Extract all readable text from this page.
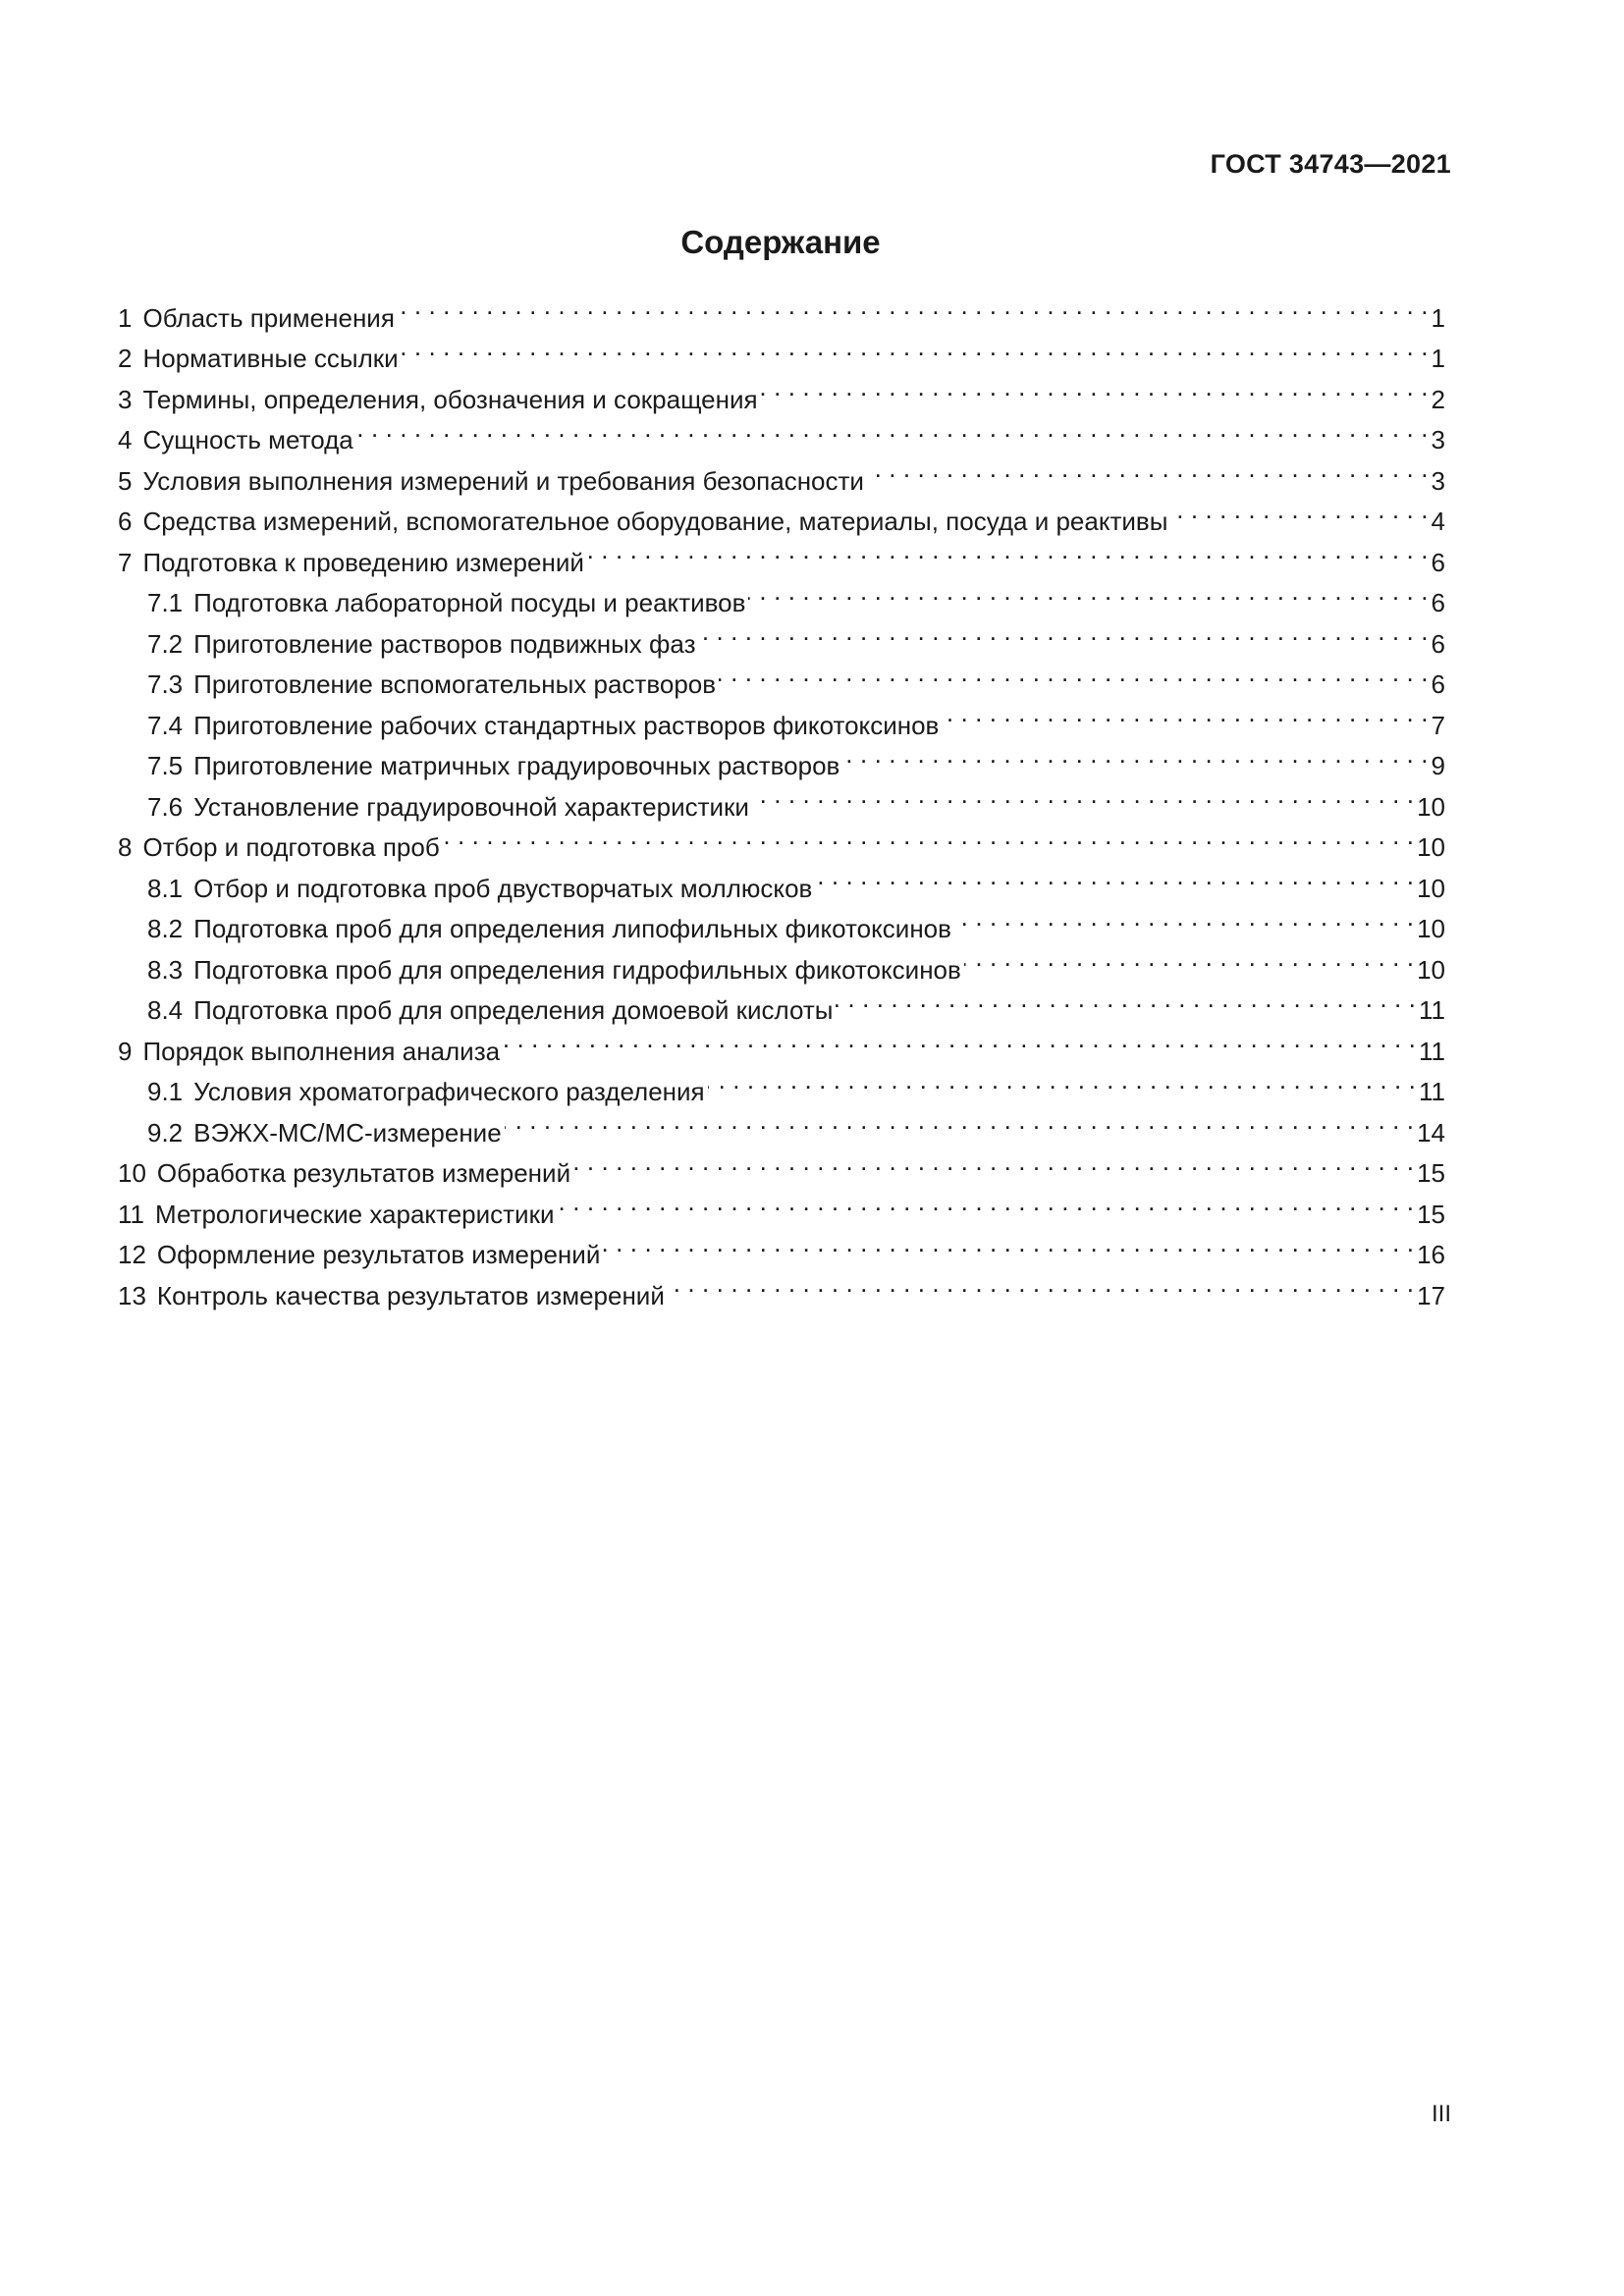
ГОСТ 34743—2021
Содержание
1 Область применения . . .	1
2 Нормативные ссылки . . .	1
3 Термины, определения, обозначения и сокращения . . .	2
4 Сущность метода . . .	3
5 Условия выполнения измерений и требования безопасности . . .	3
6 Средства измерений, вспомогательное оборудование, материалы, посуда и реактивы . . .	4
7 Подготовка к проведению измерений . . .	6
7.1 Подготовка лабораторной посуды и реактивов . . .	6
7.2 Приготовление растворов подвижных фаз . . .	6
7.3 Приготовление вспомогательных растворов . . .	6
7.4 Приготовление рабочих стандартных растворов фикотоксинов . . .	7
7.5 Приготовление матричных градуировочных растворов . . .	9
7.6 Установление градуировочной характеристики . . .	10
8 Отбор и подготовка проб . . .	10
8.1 Отбор и подготовка проб двустворчатых моллюсков . . .	10
8.2 Подготовка проб для определения липофильных фикотоксинов . . .	10
8.3 Подготовка проб для определения гидрофильных фикотоксинов . . .	10
8.4 Подготовка проб для определения домоевой кислоты . . .	11
9 Порядок выполнения анализа . . .	11
9.1 Условия хроматографического разделения . . .	11
9.2 ВЭЖХ-МС/МС-измерение . . .	14
10 Обработка результатов измерений . . .	15
11 Метрологические характеристики . . .	15
12 Оформление результатов измерений . . .	16
13 Контроль качества результатов измерений . . .	17
III
